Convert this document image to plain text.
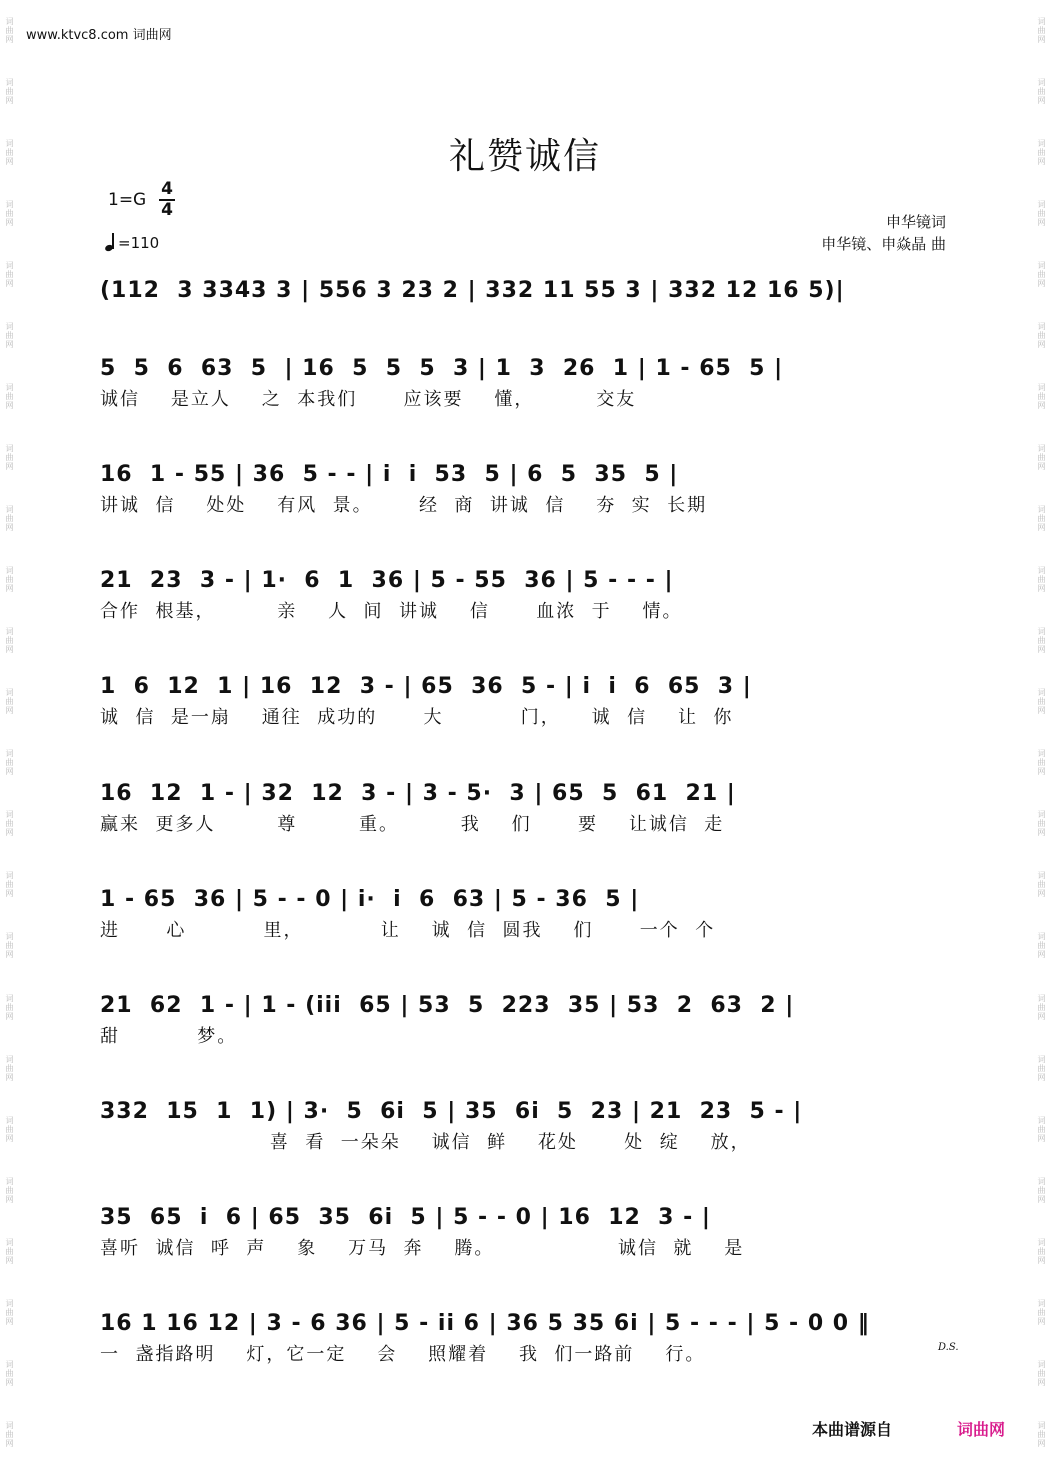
词曲网
词曲网
词曲网
词曲网
词曲网
词曲网
词曲网
词曲网
词曲网
词曲网
词曲网
词曲网
词曲网
词曲网
词曲网
词曲网
词曲网
词曲网
词曲网
词曲网
词曲网
词曲网
词曲网
词曲网
词曲网
词曲网
词曲网
词曲网
词曲网
词曲网
词曲网
词曲网
词曲网
词曲网
词曲网
词曲网
词曲网
词曲网
词曲网
词曲网
词曲网
词曲网
词曲网
词曲网
词曲网
词曲网
词曲网
词曲网
www.ktvc8.com 词曲网
礼赞诚信
1=G
4
4
=110
申华镜词
申华镜、申焱晶 曲
(112  3 3343 3 | 556 3 23 2 | 332 11 55 3 | 332 12 16 5)|
5  5  6  63  5  | 16  5  5  5  3 | 1  3  26  1 | 1 - 65  5 |
诚信    是立人    之  本我们      应该要    懂，        交友
16  1 - 55 | 36  5 - - | i  i  53  5 | 6  5  35  5 |
讲诚  信    处处    有风  景。      经  商  讲诚  信    夯  实  长期
21  23  3 - | 1·  6  1  36 | 5 - 55  36 | 5 - - - |
合作  根基，        亲    人  间  讲诚    信      血浓  于    情。
1  6  12  1 | 16  12  3 - | 65  36  5 - | i  i  6  65  3 |
诚  信  是一扇    通往  成功的      大          门，    诚  信    让  你
16  12  1 - | 32  12  3 - | 3 - 5·  3 | 65  5  61  21 |
赢来  更多人        尊        重。        我    们      要    让诚信  走
1 - 65  36 | 5 - - 0 | i·  i  6  63 | 5 - 36  5 |
进      心          里，          让    诚  信  圆我    们      一个  个
21  62  1 - | 1 - (iii  65 | 53  5  223  35 | 53  2  63  2 |
甜          梦。
332  15  1  1) | 3·  5  6i  5 | 35  6i  5  23 | 21  23  5 - |
喜  看  一朵朵    诚信  鲜    花处      处  绽    放，
35  65  i  6 | 65  35  6i  5 | 5 - - 0 | 16  12  3 - |
喜听  诚信  呼  声    象    万马  奔    腾。                诚信  就    是
16 1 16 12 | 3 - 6 36 | 5 - ii 6 | 36 5 35 6i | 5 - - - | 5 - 0 0 ‖
一  盏指路明    灯，它一定    会    照耀着    我  们一路前    行。	D.S.
本曲谱源自	词曲网
